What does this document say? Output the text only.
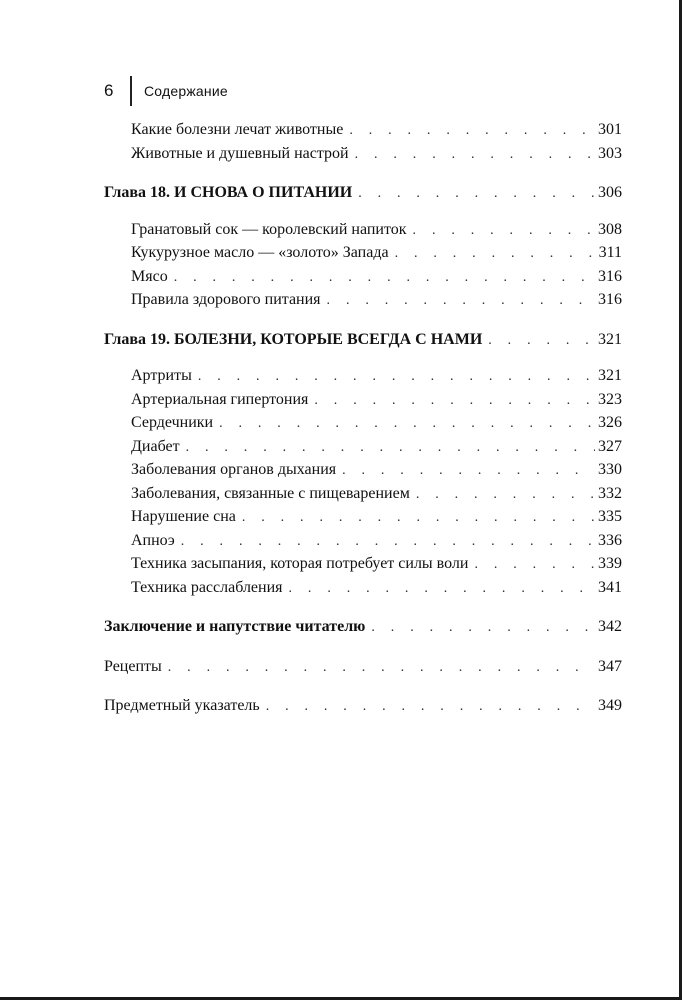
6	Содержание
Какие болезни лечат животные . . .	301
Животные и душевный настрой . . .	303
Глава 18. И СНОВА О ПИТАНИИ . . .	306
Гранатовый сок — королевский напиток . . .	308
Кукурузное масло — «золото» Запада . . .	311
Мясо . . .	316
Правила здорового питания . . .	316
Глава 19. БОЛЕЗНИ, КОТОРЫЕ ВСЕГДА С НАМИ . . .	321
Артриты . . .	321
Артериальная гипертония . . .	323
Сердечники . . .	326
Диабет . . .	327
Заболевания органов дыхания . . .	330
Заболевания, связанные с пищеварением . . .	332
Нарушение сна . . .	335
Апноэ . . .	336
Техника засыпания, которая потребует силы воли . . .	339
Техника расслабления . . .	341
Заключение и напутствие читателю . . .	342
Рецепты . . .	347
Предметный указатель . . .	349
